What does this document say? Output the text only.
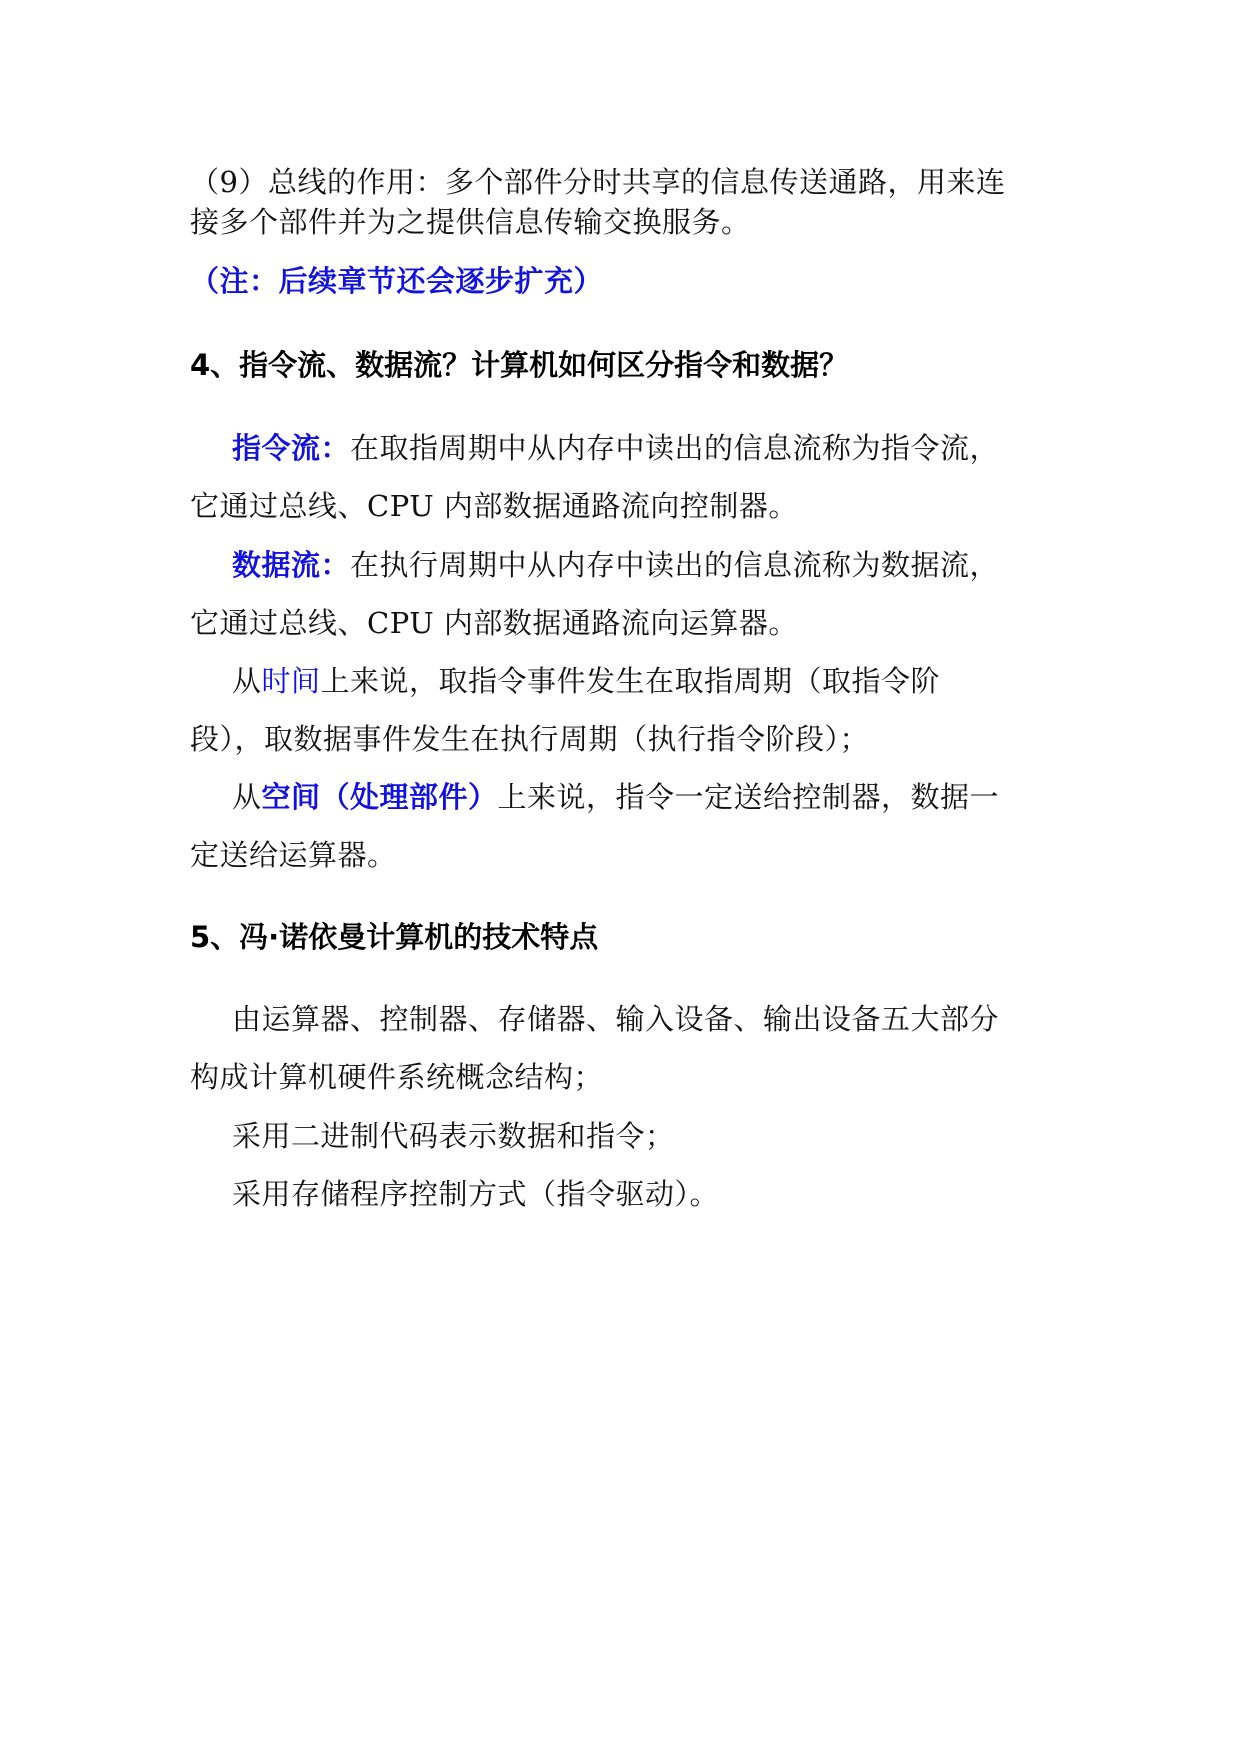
（9）总线的作用：多个部件分时共享的信息传送通路，用来连
接多个部件并为之提供信息传输交换服务。
（注：后续章节还会逐步扩充）
4、指令流、数据流？计算机如何区分指令和数据？
指令流：在取指周期中从内存中读出的信息流称为指令流，
它通过总线、CPU 内部数据通路流向控制器。
数据流：在执行周期中从内存中读出的信息流称为数据流，
它通过总线、CPU 内部数据通路流向运算器。
从时间上来说，取指令事件发生在取指周期（取指令阶
段），取数据事件发生在执行周期（执行指令阶段）；
从空间（处理部件）上来说，指令一定送给控制器，数据一
定送给运算器。
5、冯·诺依曼计算机的技术特点
由运算器、控制器、存储器、输入设备、输出设备五大部分
构成计算机硬件系统概念结构；
采用二进制代码表示数据和指令；
采用存储程序控制方式（指令驱动）。
